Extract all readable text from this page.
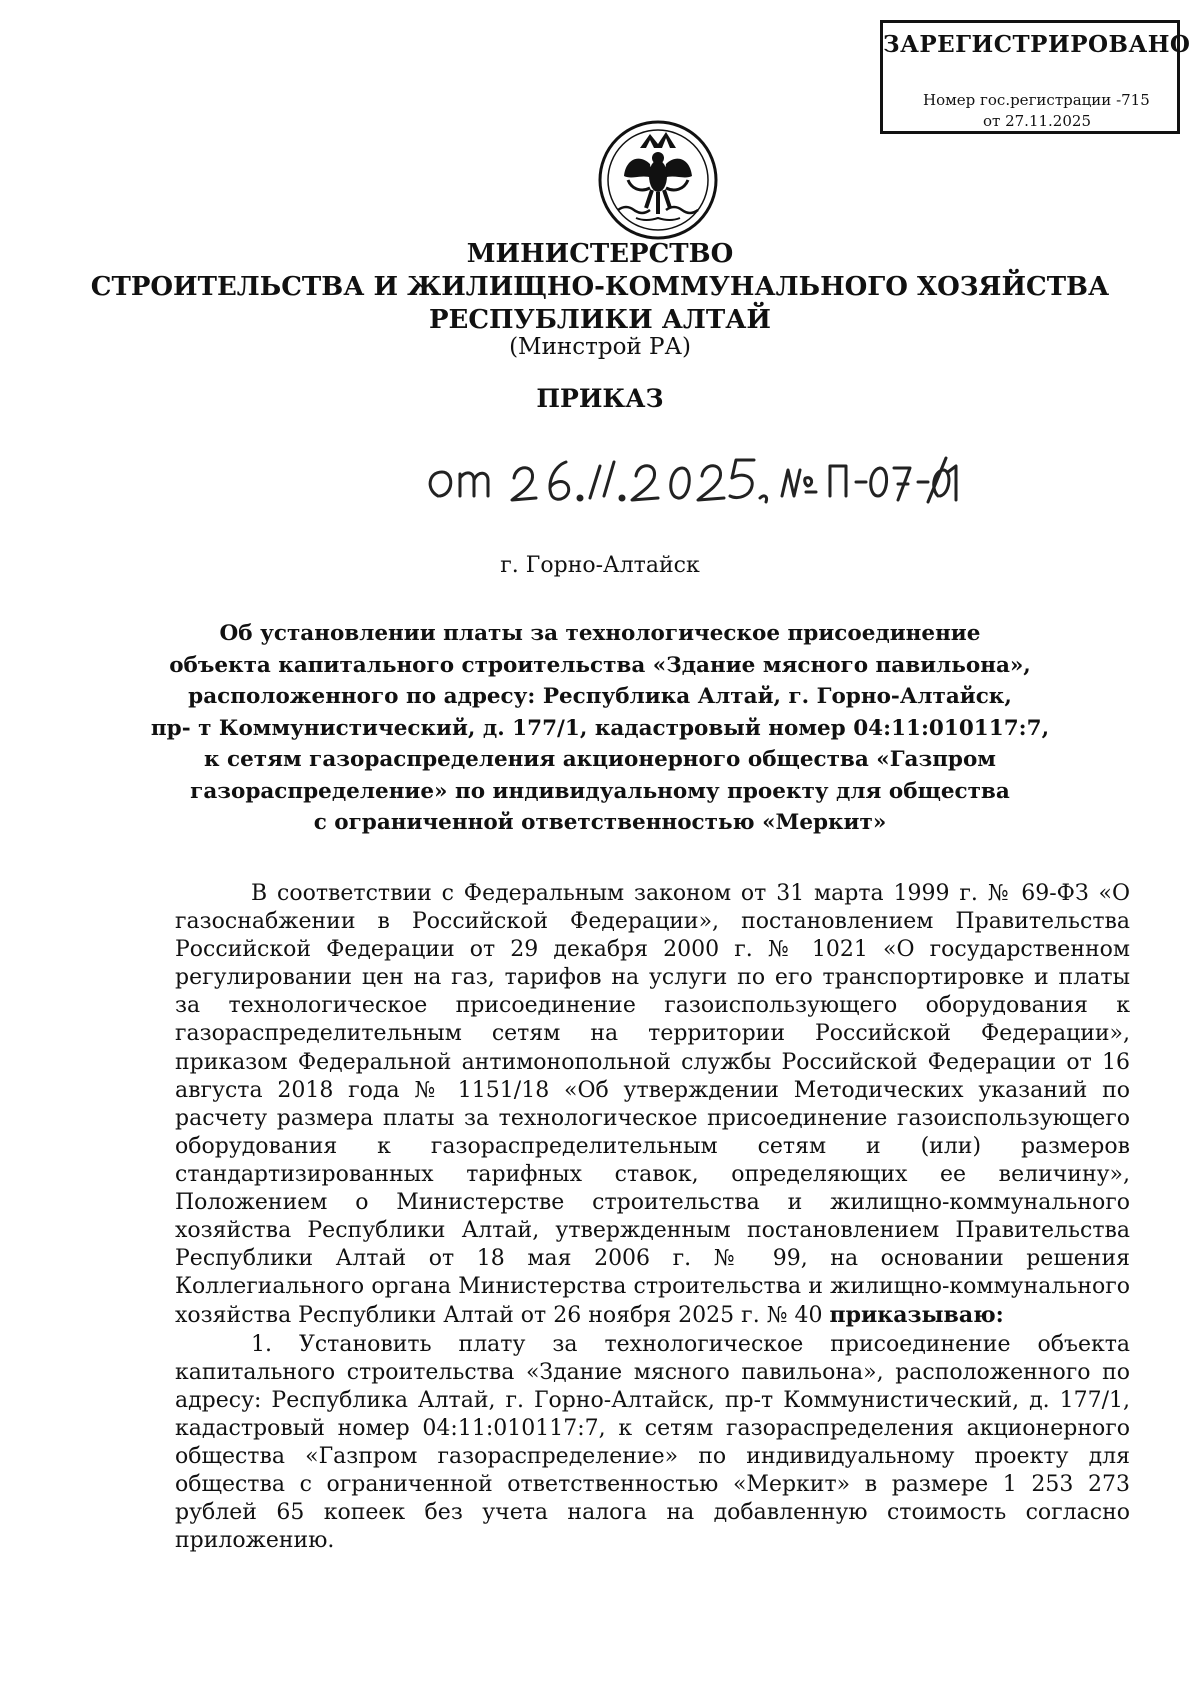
ЗАРЕГИСТРИРОВАНО
Номер гос.регистрации -715
от 27.11.2025
МИНИСТЕРСТВО
СТРОИТЕЛЬСТВА И ЖИЛИЩНО-КОММУНАЛЬНОГО ХОЗЯЙСТВА
РЕСПУБЛИКИ АЛТАЙ
(Минстрой РА)
ПРИКАЗ
г. Горно-Алтайск
Об установлении платы за технологическое присоединение
объекта капитального строительства «Здание мясного павильона»,
расположенного по адресу: Республика Алтай, г. Горно-Алтайск,
пр- т Коммунистический, д. 177/1, кадастровый номер 04:11:010117:7,
к сетям газораспределения акционерного общества «Газпром
газораспределение» по индивидуальному проекту для общества
с ограниченной ответственностью «Меркит»

В соответствии с Федеральным законом от 31 марта 1999 г. № 69-ФЗ «О газоснабжении в Российской Федерации», постановлением Правительства Российской Федерации от 29 декабря 2000 г. № 1021 «О государственном регулировании цен на газ, тарифов на услуги по его транспортировке и платы за технологическое присоединение газоиспользующего оборудования к газораспределительным сетям на территории Российской Федерации», приказом Федеральной антимонопольной службы Российской Федерации от 16 августа 2018 года № 1151/18 «Об утверждении Методических указаний по расчету размера платы за технологическое присоединение газоиспользующего оборудования к газораспределительным сетям и (или) размеров стандартизированных тарифных ставок, определяющих ее величину», Положением о Министерстве строительства и жилищно-коммунального хозяйства Республики Алтай, утвержденным постановлением Правительства Республики Алтай от 18 мая 2006 г. № 99, на основании решения Коллегиального органа Министерства строительства и жилищно-коммунального хозяйства Республики Алтай от 26 ноября 2025 г. № 40 приказываю:

1. Установить плату за технологическое присоединение объекта капитального строительства «Здание мясного павильона», расположенного по адресу: Республика Алтай, г. Горно-Алтайск, пр-т Коммунистический, д. 177/1, кадастровый номер 04:11:010117:7, к сетям газораспределения акционерного общества «Газпром газораспределение» по индивидуальному проекту для общества с ограниченной ответственностью «Меркит» в размере 1 253 273 рублей 65 копеек без учета налога на добавленную стоимость согласно приложению.
